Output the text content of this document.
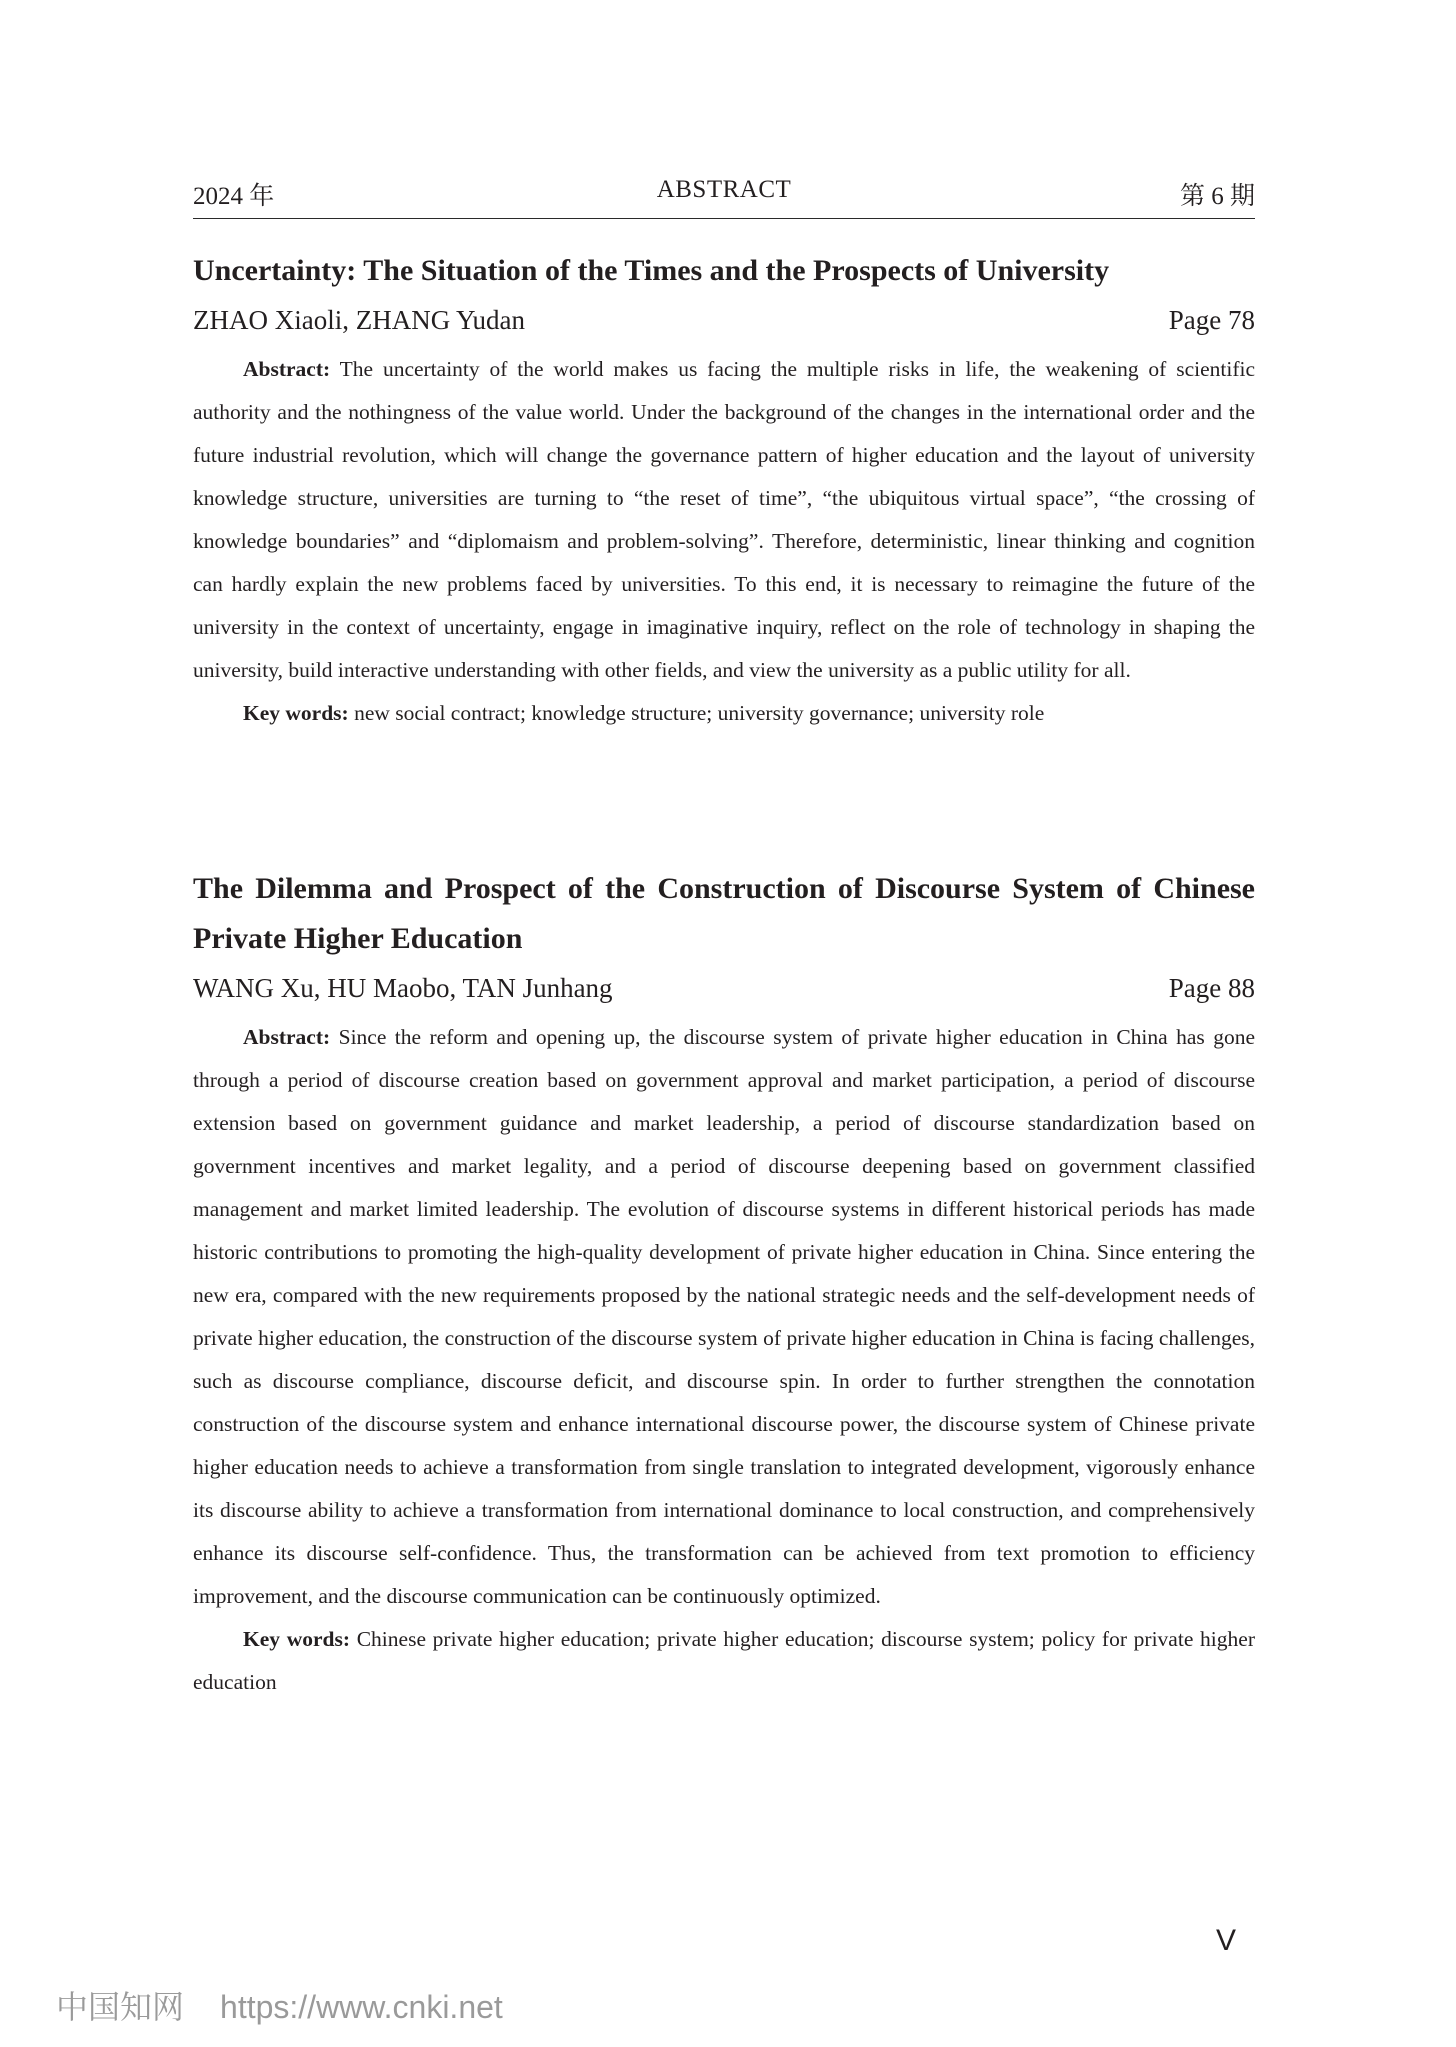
2024 年	ABSTRACT	第 6 期
Uncertainty: The Situation of the Times and the Prospects of University
ZHAO Xiaoli, ZHANG Yudan	Page 78

Abstract: The uncertainty of the world makes us facing the multiple risks in life, the weakening of scientific authority and the nothingness of the value world. Under the background of the changes in the international order and the future industrial revolution, which will change the governance pattern of higher education and the layout of university knowledge structure, universities are turning to “the reset of time”, “the ubiquitous virtual space”, “the crossing of knowledge boundaries” and “diplomaism and problem-solving”. Therefore, deterministic, linear thinking and cognition can hardly explain the new problems faced by universities. To this end, it is necessary to reimagine the future of the university in the context of uncertainty, engage in imaginative inquiry, reflect on the role of technology in shaping the university, build interactive understanding with other fields, and view the university as a public utility for all.

Key words: new social contract; knowledge structure; university governance; university role

The Dilemma and Prospect of the Construction of Discourse System of Chinese Private Higher Education
WANG Xu, HU Maobo, TAN Junhang	Page 88

Abstract: Since the reform and opening up, the discourse system of private higher education in China has gone through a period of discourse creation based on government approval and market participation, a period of discourse extension based on government guidance and market leadership, a period of discourse standardization based on government incentives and market legality, and a period of discourse deepening based on government classified management and market limited leadership. The evolution of discourse systems in different historical periods has made historic contributions to promoting the high-quality development of private higher education in China. Since entering the new era, compared with the new requirements proposed by the national strategic needs and the self-development needs of private higher education, the construction of the discourse system of private higher education in China is facing challenges, such as discourse compliance, discourse deficit, and discourse spin. In order to further strengthen the connotation construction of the discourse system and enhance international discourse power, the discourse system of Chinese private higher education needs to achieve a transformation from single translation to integrated development, vigorously enhance its discourse ability to achieve a transformation from international dominance to local construction, and comprehensively enhance its discourse self-confidence. Thus, the transformation can be achieved from text promotion to efficiency improvement, and the discourse communication can be continuously optimized.

Key words: Chinese private higher education; private higher education; discourse system; policy for private higher education

V
中国知网 https://www.cnki.net
